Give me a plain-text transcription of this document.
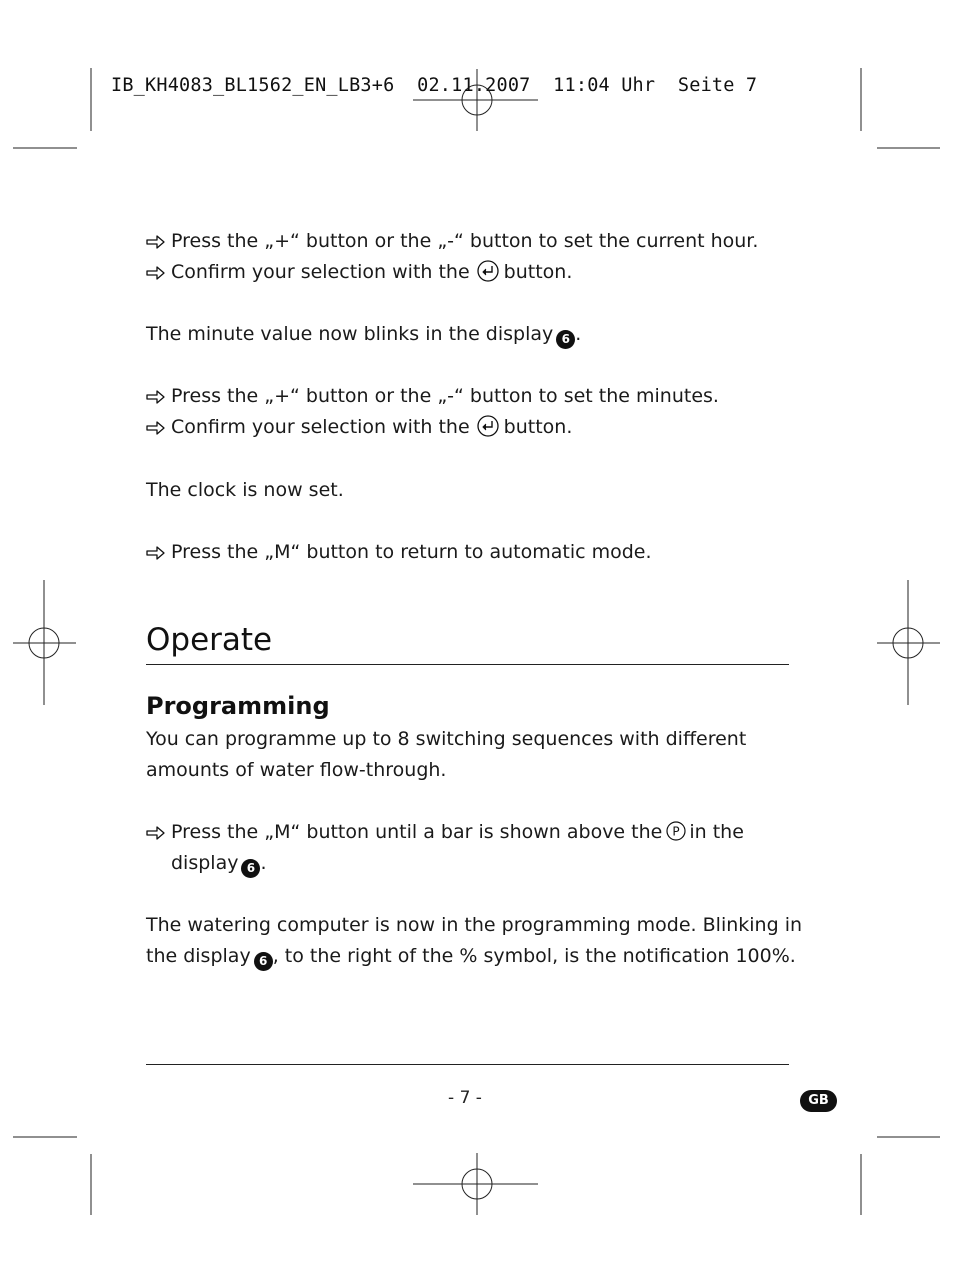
IB_KH4083_BL1562_EN_LB3+6  02.11.2007  11:04 Uhr  Seite 7
Press the „+“ button or the „-“ button to set the current hour.
Confirm your selection with the button.
The minute value now blinks in the display 6 .
Press the „+“ button or the „-“ button to set the minutes.
Confirm your selection with the button.
The clock is now set.
Press the „M“ button to return to automatic mode.
Operate
Programming
You can programme up to 8 switching sequences with different
amounts of water flow-through.
Press the „M“ button until a bar is shown above the P in the
display 6 .
The watering computer is now in the programming mode. Blinking in
the display 6 , to the right of the % symbol, is the notification 100%.
- 7 -	GB
